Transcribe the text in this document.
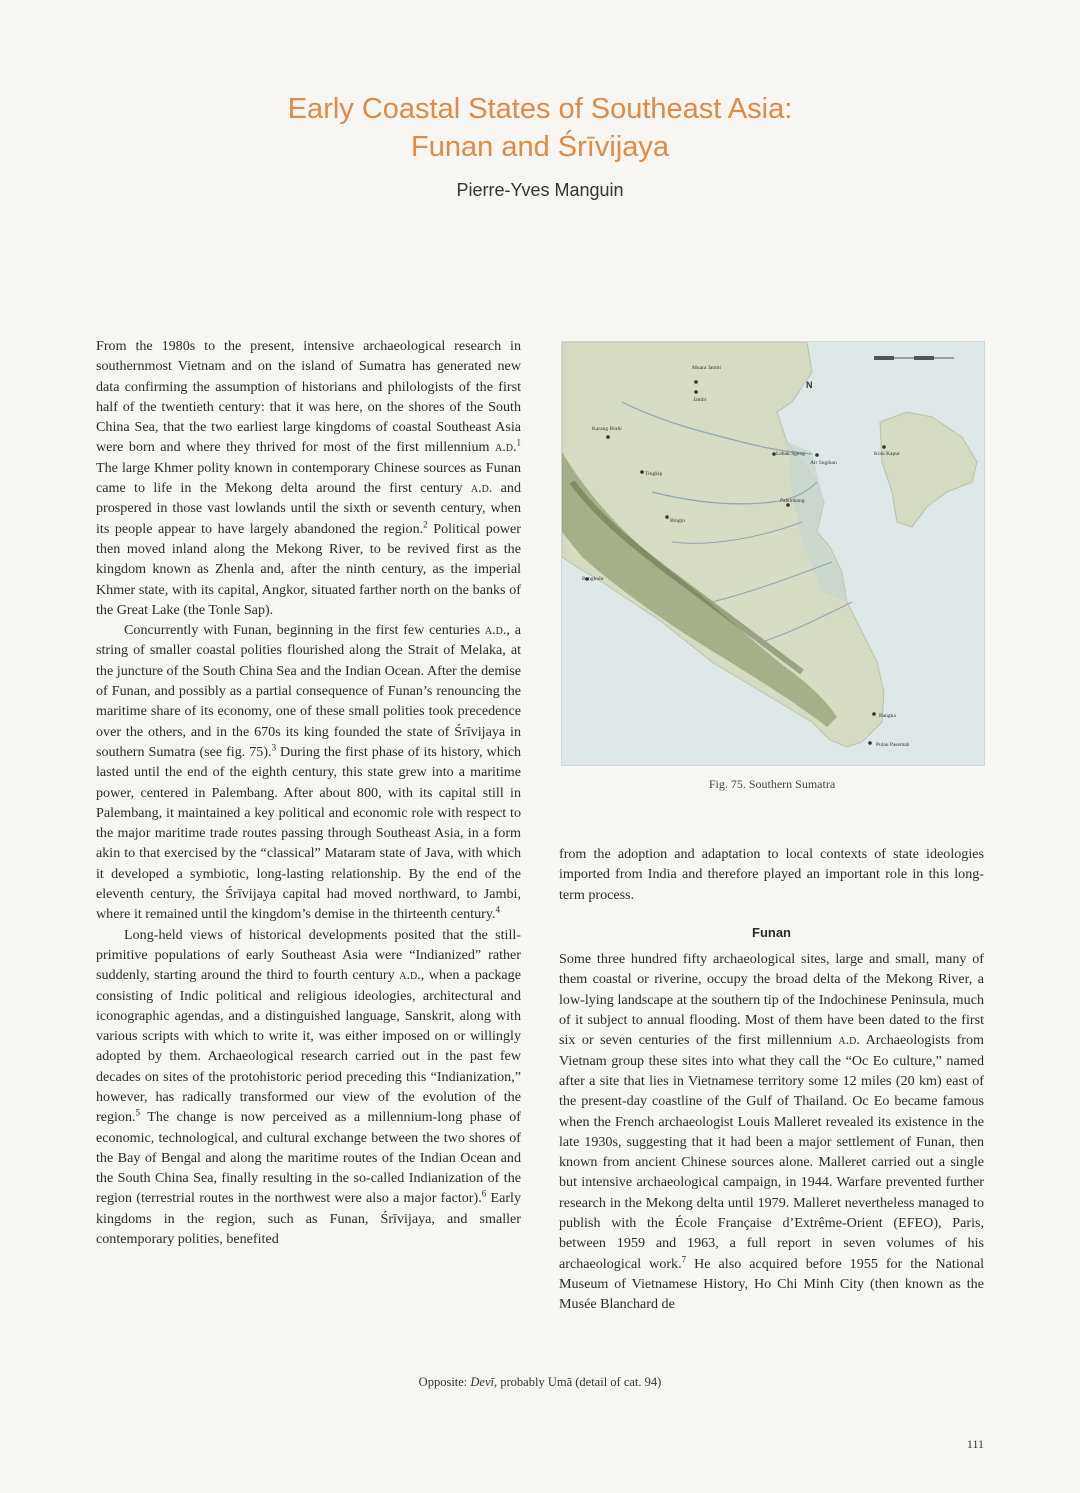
Early Coastal States of Southeast Asia:
Funan and Śrīvijaya
Pierre-Yves Manguin

From the 1980s to the present, intensive archaeological research in southernmost Vietnam and on the island of Sumatra has generated new data confirming the assumption of historians and philologists of the first half of the twentieth century: that it was here, on the shores of the South China Sea, that the two earliest large kingdoms of coastal Southeast Asia were born and where they thrived for most of the first millennium a.d.$^1$ The large Khmer polity known in contemporary Chinese sources as Funan came to life in the Mekong delta around the first century a.d. and prospered in those vast lowlands until the sixth or seventh century, when its people appear to have largely abandoned the region.$^2$ Political power then moved inland along the Mekong River, to be revived first as the kingdom known as Zhenla and, after the ninth century, as the imperial Khmer state, with its capital, Angkor, situated farther north on the banks of the Great Lake (the Tonle Sap).

Concurrently with Funan, beginning in the first few centuries a.d., a string of smaller coastal polities flourished along the Strait of Melaka, at the juncture of the South China Sea and the Indian Ocean. After the demise of Funan, and possibly as a partial consequence of Funan’s renouncing the maritime share of its economy, one of these small polities took precedence over the others, and in the 670s its king founded the state of Śrīvijaya in southern Sumatra (see fig. 75).$^3$ During the first phase of its history, which lasted until the end of the eighth century, this state grew into a maritime power, centered in Palembang. After about 800, with its capital still in Palembang, it maintained a key political and economic role with respect to the major maritime trade routes passing through Southeast Asia, in a form akin to that exercised by the “classical” Mataram state of Java, with which it developed a symbiotic, long-lasting relationship. By the end of the eleventh century, the Śrīvijaya capital had moved northward, to Jambi, where it remained until the kingdom’s demise in the thirteenth century.$^4$

Long-held views of historical developments posited that the still-primitive populations of early Southeast Asia were “Indianized” rather suddenly, starting around the third to fourth century a.d., when a package consisting of Indic political and religious ideologies, architectural and iconographic agendas, and a distinguished language, Sanskrit, along with various scripts with which to write it, was either imposed on or willingly adopted by them. Archaeological research carried out in the past few decades on sites of the protohistoric period preceding this “Indianization,” however, has radically transformed our view of the evolution of the region.$^5$ The change is now perceived as a millennium-long phase of economic, technological, and cultural exchange between the two shores of the Bay of Bengal and along the maritime routes of the Indian Ocean and the South China Sea, finally resulting in the so-called Indianization of the region (terrestrial routes in the northwest were also a major factor).$^6$ Early kingdoms in the region, such as Funan, Śrīvijaya, and smaller contemporary polities, benefited

N
Muara Jambi
Jambi
Karang Brahi
Kota Kapur
Palembang
Bangka
Pulau Pasemah
Air Sugihan
Lebak Sgeng
Tingkip
Bingin
Bengkulu
Fig. 75. Southern Sumatra

from the adoption and adaptation to local contexts of state ideologies imported from India and therefore played an important role in this long-term process.

Funan

Some three hundred fifty archaeological sites, large and small, many of them coastal or riverine, occupy the broad delta of the Mekong River, a low-lying landscape at the southern tip of the Indochinese Peninsula, much of it subject to annual flooding. Most of them have been dated to the first six or seven centuries of the first millennium a.d. Archaeologists from Vietnam group these sites into what they call the “Oc Eo culture,” named after a site that lies in Vietnamese territory some 12 miles (20 km) east of the present-day coastline of the Gulf of Thailand. Oc Eo became famous when the French archaeologist Louis Malleret revealed its existence in the late 1930s, suggesting that it had been a major settlement of Funan, then known from ancient Chinese sources alone. Malleret carried out a single but intensive archaeological campaign, in 1944. Warfare prevented further research in the Mekong delta until 1979. Malleret nevertheless managed to publish with the École Française d’Extrême-Orient (EFEO), Paris, between 1959 and 1963, a full report in seven volumes of his archaeological work.$^7$ He also acquired before 1955 for the National Museum of Vietnamese History, Ho Chi Minh City (then known as the Musée Blanchard de

Opposite: Devī, probably Umā (detail of cat. 94)
111
